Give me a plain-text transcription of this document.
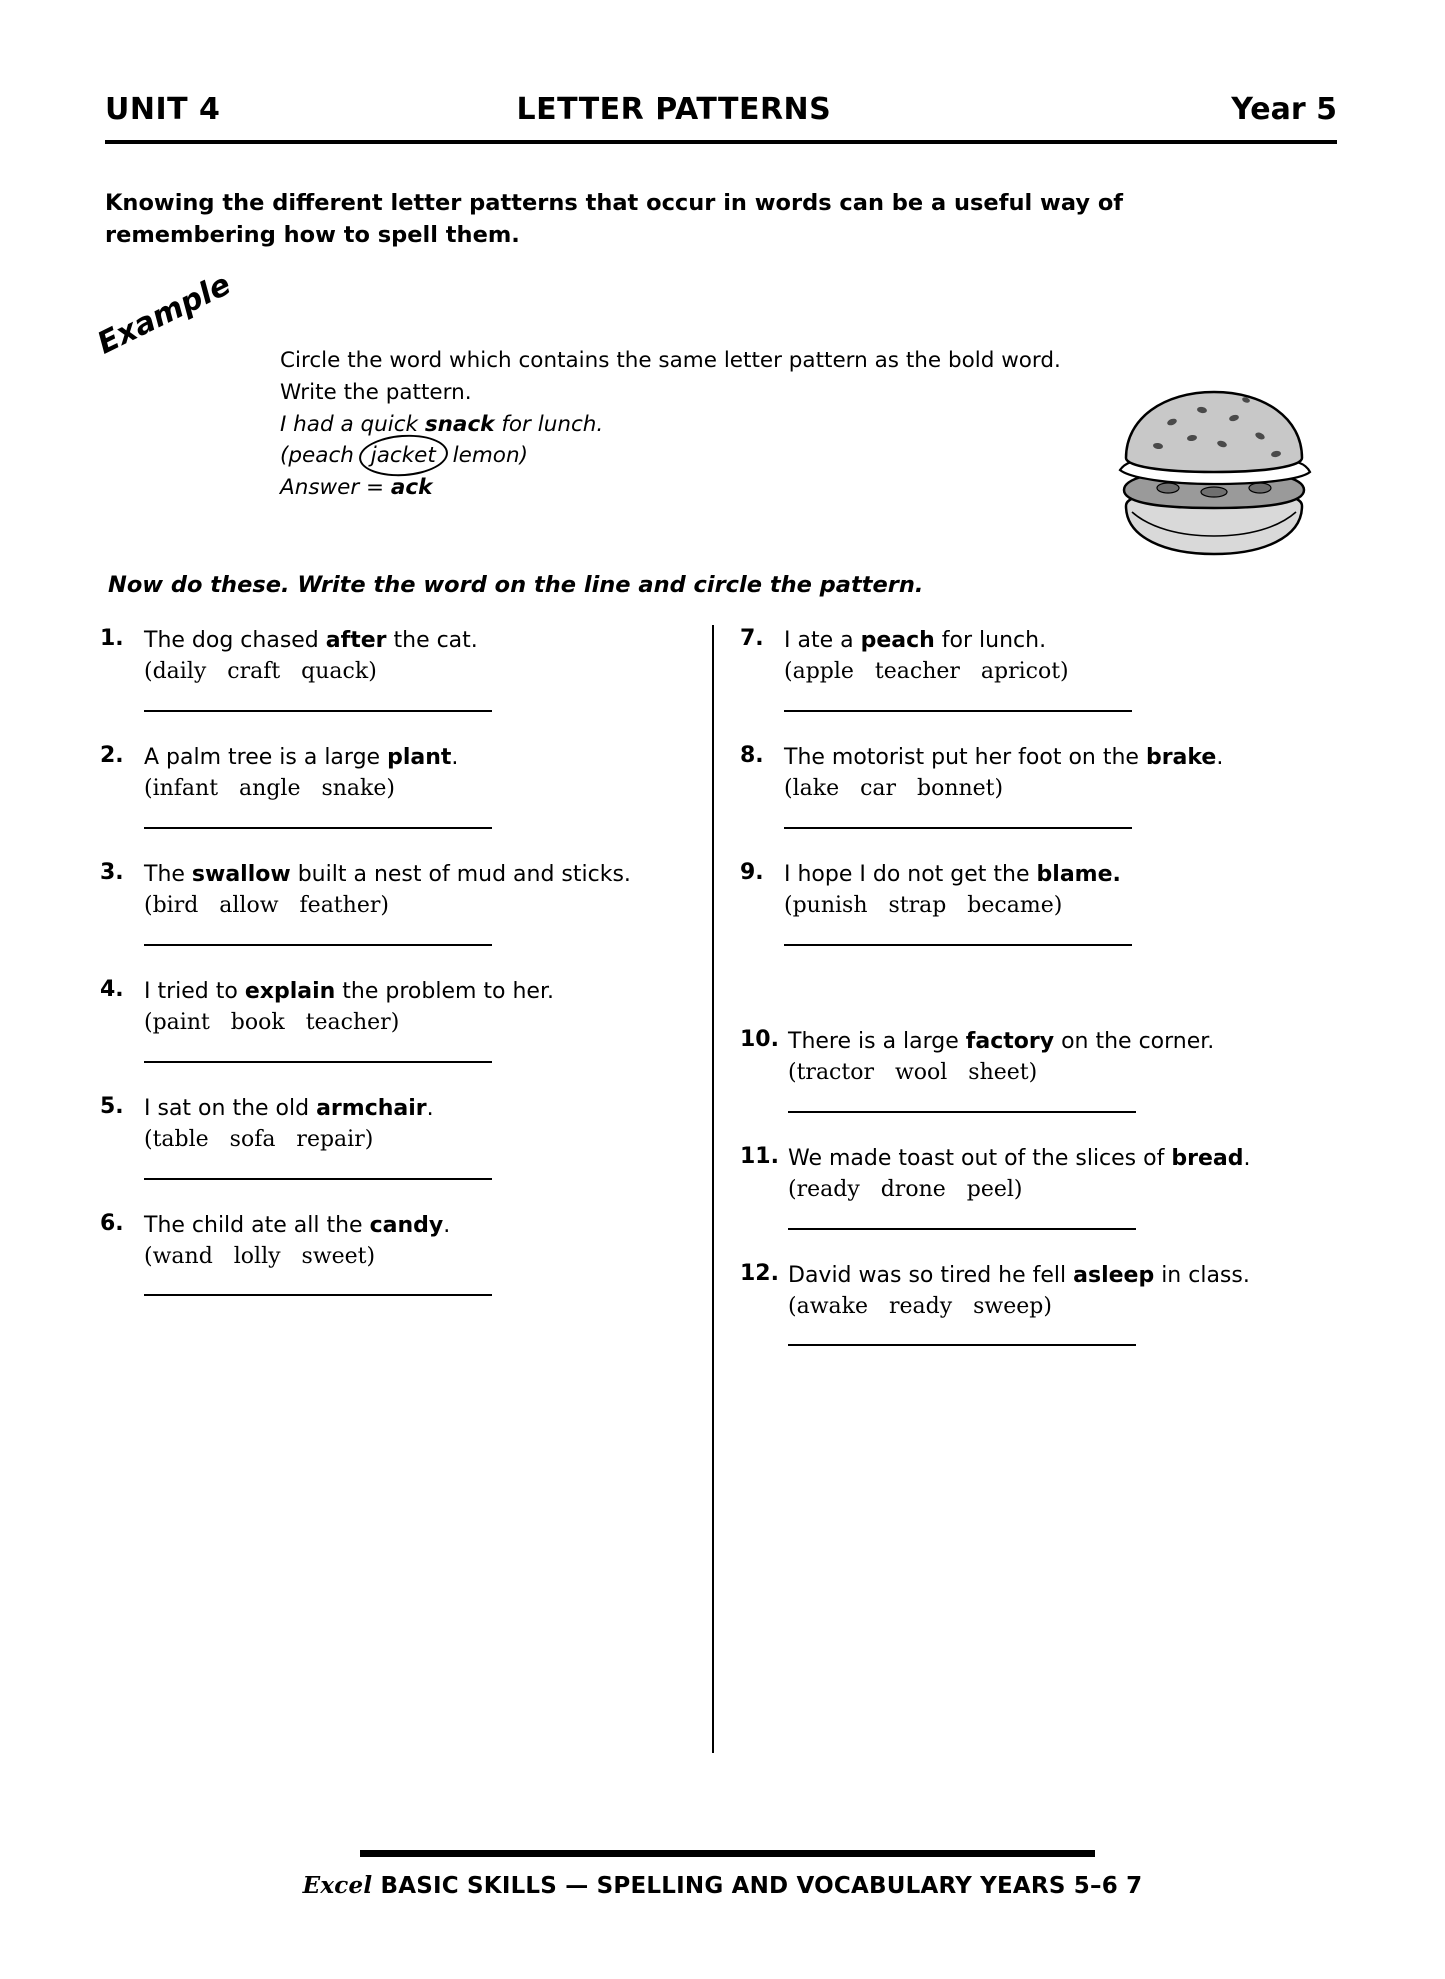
UNIT 4	LETTER PATTERNS	Year 5
Knowing the different letter patterns that occur in words can be a useful way of remembering how to spell them.
Example Circle the word which contains the same letter pattern as the bold word.
Write the pattern.
I had a quick snack for lunch.
(peach jacket lemon)
Answer = ack
Now do these. Write the word on the line and circle the pattern.
1. The dog chased after the cat.
(daily   craft   quack)
2. A palm tree is a large plant.
(infant   angle   snake)
3. The swallow built a nest of mud and sticks.
(bird   allow   feather)
4. I tried to explain the problem to her.
(paint   book   teacher)
5. I sat on the old armchair.
(table   sofa   repair)
6. The child ate all the candy.
(wand   lolly   sweet)
7. I ate a peach for lunch.
(apple   teacher   apricot)
8. The motorist put her foot on the brake.
(lake   car   bonnet)
9. I hope I do not get the blame.
(punish   strap   became)
10. There is a large factory on the corner.
(tractor   wool   sheet)
11. We made toast out of the slices of bread.
(ready   drone   peel)
12. David was so tired he fell asleep in class.
(awake   ready   sweep)
Excel BASIC SKILLS — SPELLING AND VOCABULARY YEARS 5–6 7
